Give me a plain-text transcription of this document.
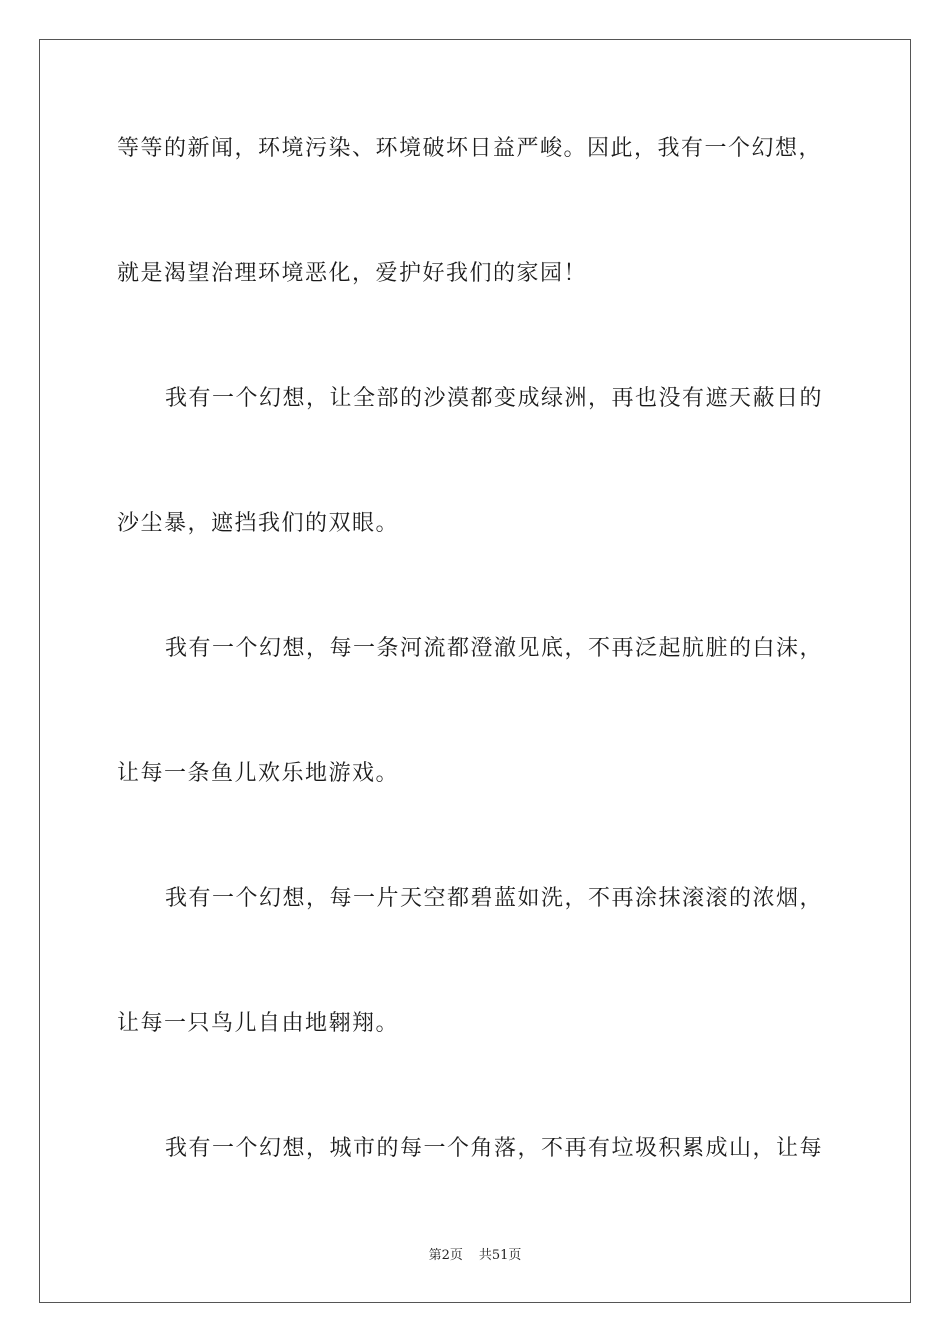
等等的新闻，环境污染、环境破坏日益严峻。因此，我有一个幻想，
就是渴望治理环境恶化，爱护好我们的家园！
我有一个幻想，让全部的沙漠都变成绿洲，再也没有遮天蔽日的
沙尘暴，遮挡我们的双眼。
我有一个幻想，每一条河流都澄澈见底，不再泛起肮脏的白沫，
让每一条鱼儿欢乐地游戏。
我有一个幻想，每一片天空都碧蓝如洗，不再涂抹滚滚的浓烟，
让每一只鸟儿自由地翱翔。
我有一个幻想，城市的每一个角落，不再有垃圾积累成山，让每
第2页 共51页
